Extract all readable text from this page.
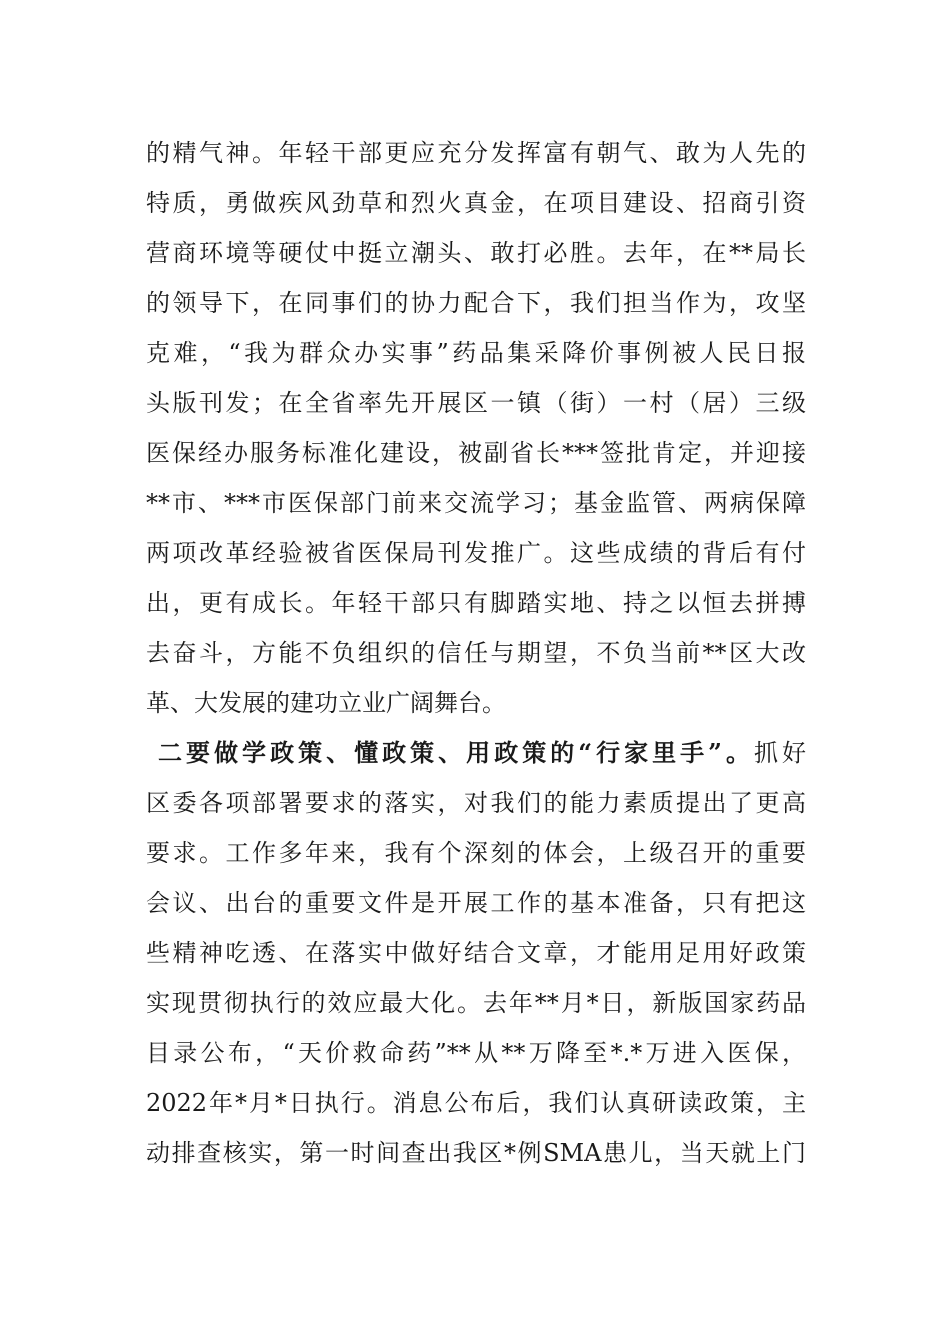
的精气神。年轻干部更应充分发挥富有朝气、敢为人先的
特质，勇做疾风劲草和烈火真金，在项目建设、招商引资
营商环境等硬仗中挺立潮头、敢打必胜。去年，在**局长
的领导下，在同事们的协力配合下，我们担当作为，攻坚
克难，“我为群众办实事”药品集采降价事例被人民日报
头版刊发；在全省率先开展区一镇（街）一村（居）三级
医保经办服务标准化建设，被副省长***签批肯定，并迎接
**市、***市医保部门前来交流学习；基金监管、两病保障
两项改革经验被省医保局刊发推广。这些成绩的背后有付
出，更有成长。年轻干部只有脚踏实地、持之以恒去拼搏
去奋斗，方能不负组织的信任与期望，不负当前**区大改
革、大发展的建功立业广阔舞台。
二要做学政策、懂政策、用政策的“行家里手”。抓好
区委各项部署要求的落实，对我们的能力素质提出了更高
要求。工作多年来，我有个深刻的体会，上级召开的重要
会议、出台的重要文件是开展工作的基本准备，只有把这
些精神吃透、在落实中做好结合文章，才能用足用好政策
实现贯彻执行的效应最大化。去年**月*日，新版国家药品
目录公布，“天价救命药”**从**万降至*.*万进入医保，
2022年*月*日执行。消息公布后，我们认真研读政策，主
动排查核实，第一时间查出我区*例SMA患儿，当天就上门
